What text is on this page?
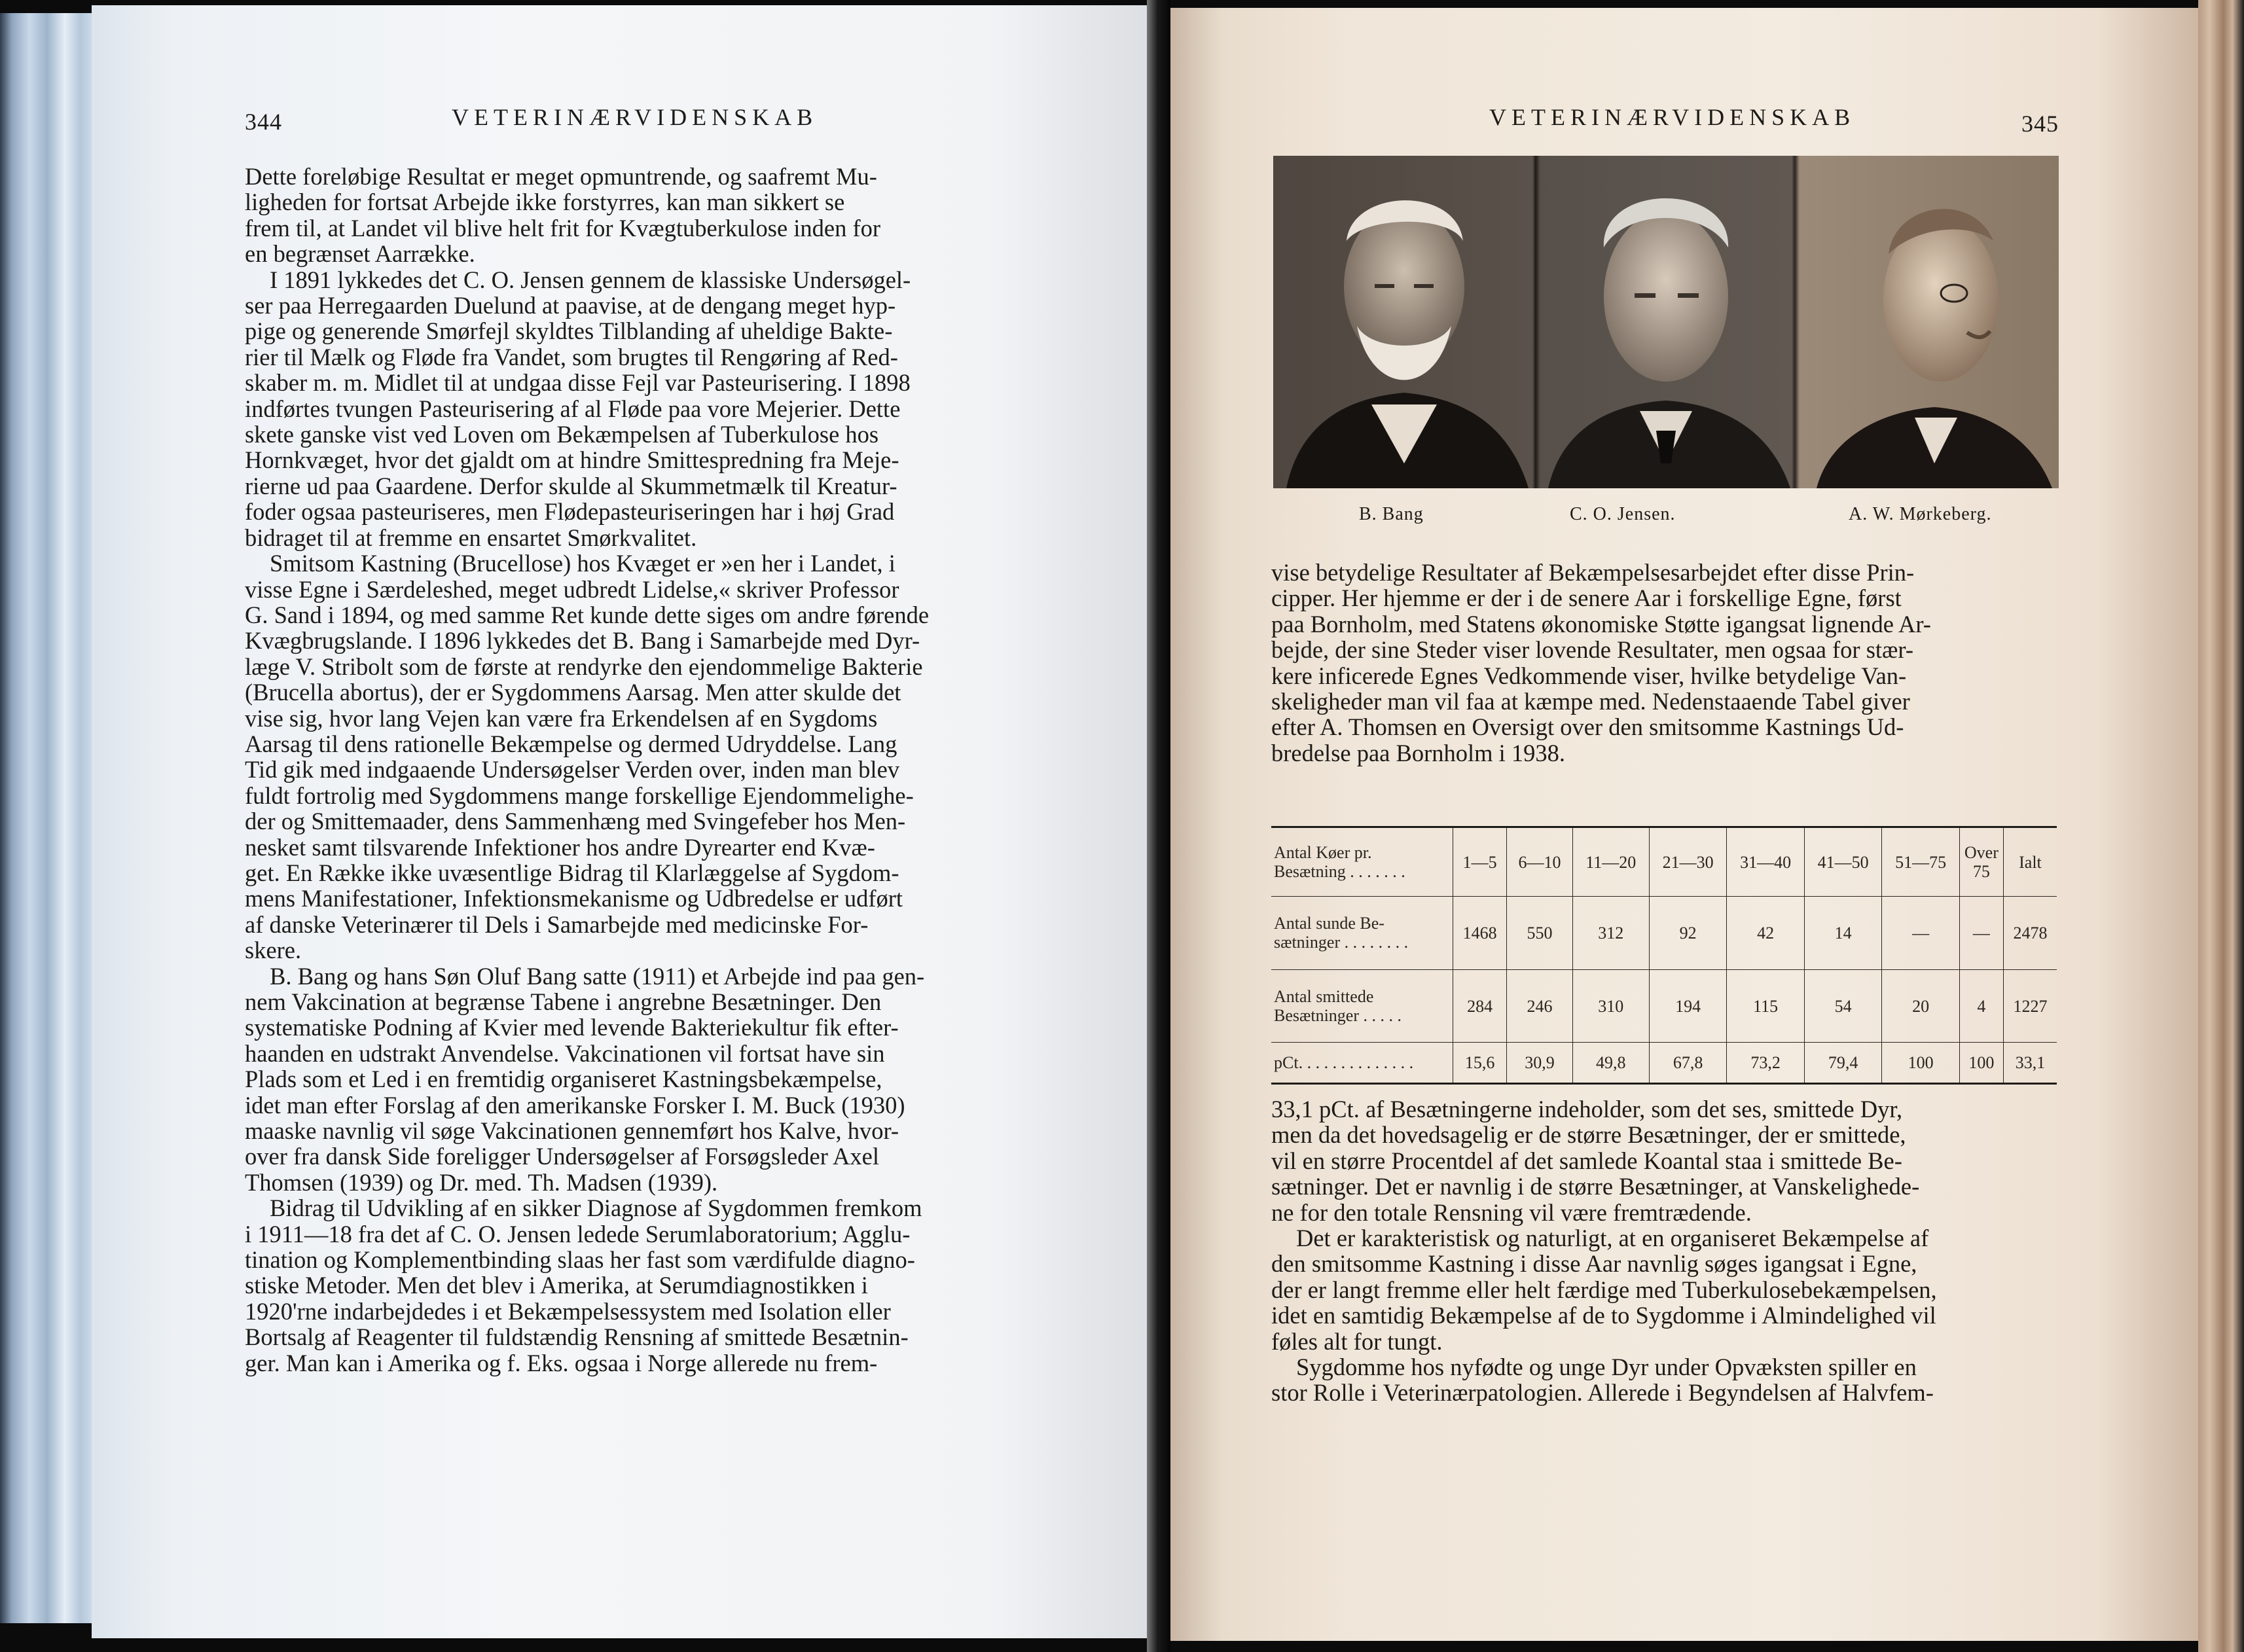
344	VETERINÆRVIDENSKAB

Dette foreløbige Resultat er meget opmuntrende, og saafremt Mu-

ligheden for fortsat Arbejde ikke forstyrres, kan man sikkert se

frem til, at Landet vil blive helt frit for Kvægtuberkulose inden for

en begrænset Aarrække.

I 1891 lykkedes det C. O. Jensen gennem de klassiske Undersøgel-

ser paa Herregaarden Duelund at paavise, at de dengang meget hyp-

pige og generende Smørfejl skyldtes Tilblanding af uheldige Bakte-

rier til Mælk og Fløde fra Vandet, som brugtes til Rengøring af Red-

skaber m. m. Midlet til at undgaa disse Fejl var Pasteurisering. I 1898

indførtes tvungen Pasteurisering af al Fløde paa vore Mejerier. Dette

skete ganske vist ved Loven om Bekæmpelsen af Tuberkulose hos

Hornkvæget, hvor det gjaldt om at hindre Smittespredning fra Meje-

rierne ud paa Gaardene. Derfor skulde al Skummetmælk til Kreatur-

foder ogsaa pasteuriseres, men Flødepasteuriseringen har i høj Grad

bidraget til at fremme en ensartet Smørkvalitet.

Smitsom Kastning (Brucellose) hos Kvæget er »en her i Landet, i

visse Egne i Særdeleshed, meget udbredt Lidelse,« skriver Professor

G. Sand i 1894, og med samme Ret kunde dette siges om andre førende

Kvægbrugslande. I 1896 lykkedes det B. Bang i Samarbejde med Dyr-

læge V. Stribolt som de første at rendyrke den ejendommelige Bakterie

(Brucella abortus), der er Sygdommens Aarsag. Men atter skulde det

vise sig, hvor lang Vejen kan være fra Erkendelsen af en Sygdoms

Aarsag til dens rationelle Bekæmpelse og dermed Udryddelse. Lang

Tid gik med indgaaende Undersøgelser Verden over, inden man blev

fuldt fortrolig med Sygdommens mange forskellige Ejendommelighe-

der og Smittemaader, dens Sammenhæng med Svingefeber hos Men-

nesket samt tilsvarende Infektioner hos andre Dyrearter end Kvæ-

get. En Række ikke uvæsentlige Bidrag til Klarlæggelse af Sygdom-

mens Manifestationer, Infektionsmekanisme og Udbredelse er udført

af danske Veterinærer til Dels i Samarbejde med medicinske For-

skere.

B. Bang og hans Søn Oluf Bang satte (1911) et Arbejde ind paa gen-

nem Vakcination at begrænse Tabene i angrebne Besætninger. Den

systematiske Podning af Kvier med levende Bakteriekultur fik efter-

haanden en udstrakt Anvendelse. Vakcinationen vil fortsat have sin

Plads som et Led i en fremtidig organiseret Kastningsbekæmpelse,

idet man efter Forslag af den amerikanske Forsker I. M. Buck (1930)

maaske navnlig vil søge Vakcinationen gennemført hos Kalve, hvor-

over fra dansk Side foreligger Undersøgelser af Forsøgsleder Axel

Thomsen (1939) og Dr. med. Th. Madsen (1939).

Bidrag til Udvikling af en sikker Diagnose af Sygdommen fremkom

i 1911—18 fra det af C. O. Jensen ledede Serumlaboratorium; Agglu-

tination og Komplementbinding slaas her fast som værdifulde diagno-

stiske Metoder. Men det blev i Amerika, at Serumdiagnostikken i

1920'rne indarbejdedes i et Bekæmpelsessystem med Isolation eller

Bortsalg af Reagenter til fuldstændig Rensning af smittede Besætnin-

ger. Man kan i Amerika og f. Eks. ogsaa i Norge allerede nu frem-

VETERINÆRVIDENSKAB	345
B. Bang	C. O. Jensen.	A. W. Mørkeberg.

vise betydelige Resultater af Bekæmpelsesarbejdet efter disse Prin-

cipper. Her hjemme er der i de senere Aar i forskellige Egne, først

paa Bornholm, med Statens økonomiske Støtte igangsat lignende Ar-

bejde, der sine Steder viser lovende Resultater, men ogsaa for stær-

kere inficerede Egnes Vedkommende viser, hvilke betydelige Van-

skeligheder man vil faa at kæmpe med. Nedenstaaende Tabel giver

efter A. Thomsen en Oversigt over den smitsomme Kastnings Ud-

bredelse paa Bornholm i 1938.

Antal Køer pr.
Besætning . . . . . . .	1—5	6—10	11—20	21—30	31—40	41—50	51—75	Over 75	Ialt

Antal sunde Be-
sætninger . . . . . . . .	1468	550	312	92	42	14	—	—	2478

Antal smittede
Besætninger . . . . .	284	246	310	194	115	54	20	4	1227

pCt. . . . . . . . . . . . . .	15,6	30,9	49,8	67,8	73,2	79,4	100	100	33,1

33,1 pCt. af Besætningerne indeholder, som det ses, smittede Dyr,

men da det hovedsagelig er de større Besætninger, der er smittede,

vil en større Procentdel af det samlede Koantal staa i smittede Be-

sætninger. Det er navnlig i de større Besætninger, at Vanskelighede-

ne for den totale Rensning vil være fremtrædende.

Det er karakteristisk og naturligt, at en organiseret Bekæmpelse af

den smitsomme Kastning i disse Aar navnlig søges igangsat i Egne,

der er langt fremme eller helt færdige med Tuberkulosebekæmpelsen,

idet en samtidig Bekæmpelse af de to Sygdomme i Almindelighed vil

føles alt for tungt.

Sygdomme hos nyfødte og unge Dyr under Opvæksten spiller en

stor Rolle i Veterinærpatologien. Allerede i Begyndelsen af Halvfem-
